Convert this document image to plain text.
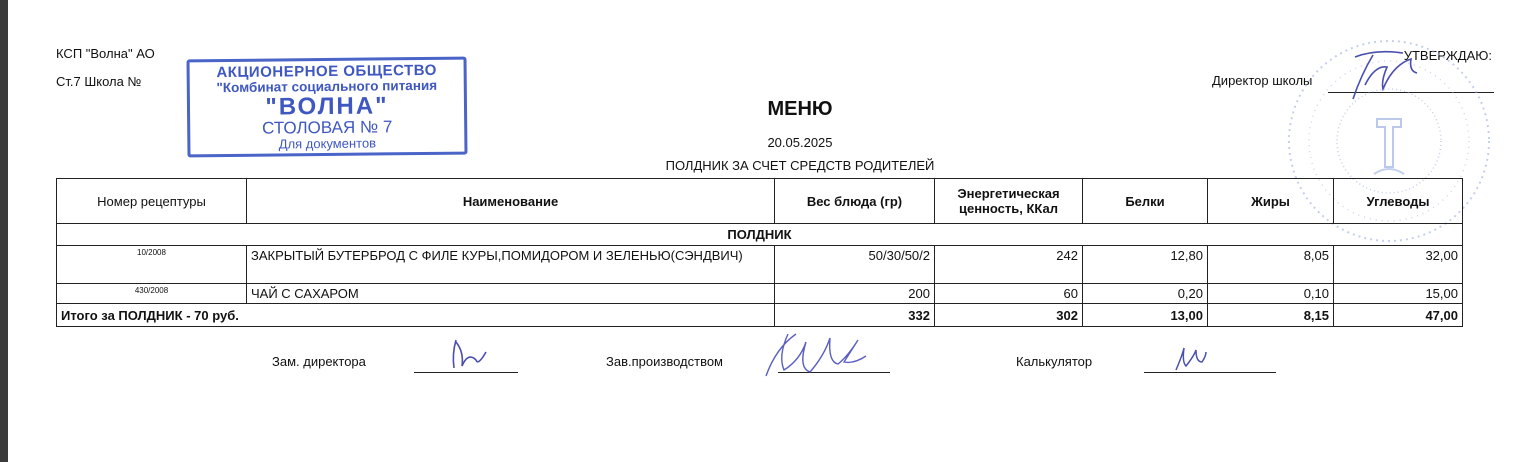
КСП "Волна" АО
Ст.7 Школа №
УТВЕРЖДАЮ:
Директор школы
АКЦИОНЕРНОЕ ОБЩЕСТВО
"Комбинат социального питания
"ВОЛНА"
СТОЛОВАЯ № 7
Для документов
МЕНЮ
20.05.2025
ПОЛДНИК ЗА СЧЕТ СРЕДСТВ РОДИТЕЛЕЙ
Номер рецептуры	Наименование	Вес блюда (гр)	Энергетическая ценность, ККал	Белки	Жиры	Углеводы
ПОЛДНИК						
10/2008	ЗАКРЫТЫЙ БУТЕРБРОД С ФИЛЕ КУРЫ,ПОМИДОРОМ И ЗЕЛЕНЬЮ(СЭНДВИЧ)	50/30/50/2	242	12,80	8,05	32,00
430/2008	ЧАЙ С САХАРОМ	200	60	0,20	0,10	15,00
Итого за ПОЛДНИК - 70 руб.		332	302	13,00	8,15	47,00
Зам. директора	Зав.производством	Калькулятор
